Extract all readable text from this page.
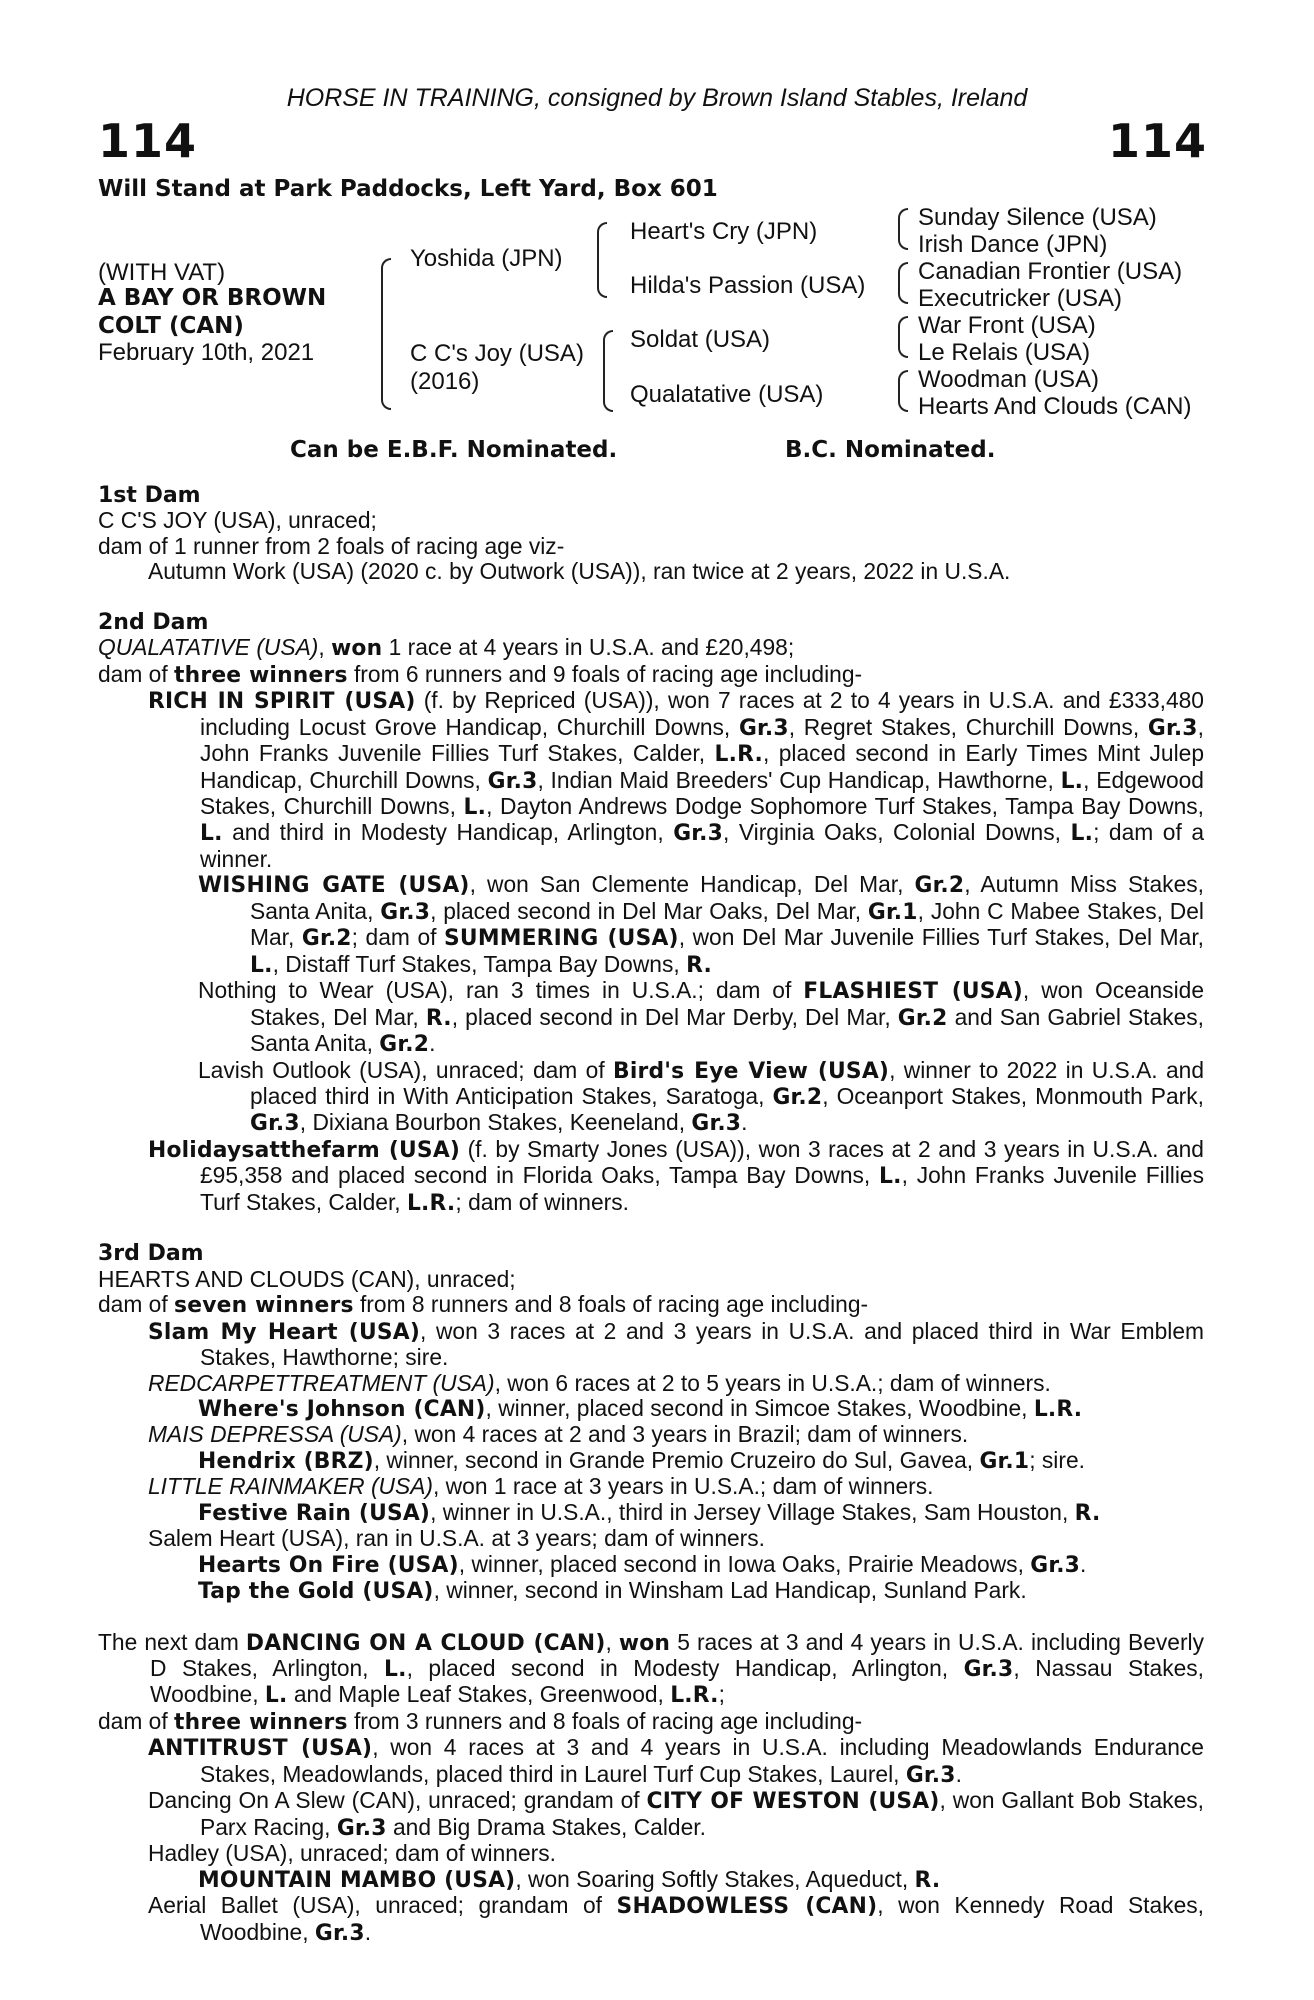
HORSE IN TRAINING, consigned by Brown Island Stables, Ireland
114	114
Will Stand at Park Paddocks, Left Yard, Box 601
(WITH VAT)
A BAY OR BROWN
COLT (CAN)
February 10th, 2021
Yoshida (JPN)
C C's Joy (USA)
(2016)
Heart's Cry (JPN)
Hilda's Passion (USA)
Soldat (USA)
Qualatative (USA)
Sunday Silence (USA)
Irish Dance (JPN)
Canadian Frontier (USA)
Executricker (USA)
War Front (USA)
Le Relais (USA)
Woodman (USA)
Hearts And Clouds (CAN)
Can be E.B.F. Nominated.	B.C. Nominated.

1st Dam

C C'S JOY (USA), unraced;

dam of 1 runner from 2 foals of racing age viz-

Autumn Work (USA) (2020 c. by Outwork (USA)), ran twice at 2 years, 2022 in U.S.A.

2nd Dam

QUALATATIVE (USA), won 1 race at 4 years in U.S.A. and £20,498;

dam of three winners from 6 runners and 9 foals of racing age including-

RICH IN SPIRIT (USA) (f. by Repriced (USA)), won 7 races at 2 to 4 years in U.S.A. and £333,480 including Locust Grove Handicap, Churchill Downs, Gr.3, Regret Stakes, Churchill Downs, Gr.3, John Franks Juvenile Fillies Turf Stakes, Calder, L.R., placed second in Early Times Mint Julep Handicap, Churchill Downs, Gr.3, Indian Maid Breeders' Cup Handicap, Hawthorne, L., Edgewood Stakes, Churchill Downs, L., Dayton Andrews Dodge Sophomore Turf Stakes, Tampa Bay Downs, L. and third in Modesty Handicap, Arlington, Gr.3, Virginia Oaks, Colonial Downs, L.; dam of a winner.

WISHING GATE (USA), won San Clemente Handicap, Del Mar, Gr.2, Autumn Miss Stakes, Santa Anita, Gr.3, placed second in Del Mar Oaks, Del Mar, Gr.1, John C Mabee Stakes, Del Mar, Gr.2; dam of SUMMERING (USA), won Del Mar Juvenile Fillies Turf Stakes, Del Mar, L., Distaff Turf Stakes, Tampa Bay Downs, R.

Nothing to Wear (USA), ran 3 times in U.S.A.; dam of FLASHIEST (USA), won Oceanside Stakes, Del Mar, R., placed second in Del Mar Derby, Del Mar, Gr.2 and San Gabriel Stakes, Santa Anita, Gr.2.

Lavish Outlook (USA), unraced; dam of Bird's Eye View (USA), winner to 2022 in U.S.A. and placed third in With Anticipation Stakes, Saratoga, Gr.2, Oceanport Stakes, Monmouth Park, Gr.3, Dixiana Bourbon Stakes, Keeneland, Gr.3.

Holidaysatthefarm (USA) (f. by Smarty Jones (USA)), won 3 races at 2 and 3 years in U.S.A. and £95,358 and placed second in Florida Oaks, Tampa Bay Downs, L., John Franks Juvenile Fillies Turf Stakes, Calder, L.R.; dam of winners.

3rd Dam

HEARTS AND CLOUDS (CAN), unraced;

dam of seven winners from 8 runners and 8 foals of racing age including-

Slam My Heart (USA), won 3 races at 2 and 3 years in U.S.A. and placed third in War Emblem Stakes, Hawthorne; sire.

REDCARPETTREATMENT (USA), won 6 races at 2 to 5 years in U.S.A.; dam of winners.

Where's Johnson (CAN), winner, placed second in Simcoe Stakes, Woodbine, L.R.

MAIS DEPRESSA (USA), won 4 races at 2 and 3 years in Brazil; dam of winners.

Hendrix (BRZ), winner, second in Grande Premio Cruzeiro do Sul, Gavea, Gr.1; sire.

LITTLE RAINMAKER (USA), won 1 race at 3 years in U.S.A.; dam of winners.

Festive Rain (USA), winner in U.S.A., third in Jersey Village Stakes, Sam Houston, R.

Salem Heart (USA), ran in U.S.A. at 3 years; dam of winners.

Hearts On Fire (USA), winner, placed second in Iowa Oaks, Prairie Meadows, Gr.3.

Tap the Gold (USA), winner, second in Winsham Lad Handicap, Sunland Park.

The next dam DANCING ON A CLOUD (CAN), won 5 races at 3 and 4 years in U.S.A. including Beverly D Stakes, Arlington, L., placed second in Modesty Handicap, Arlington, Gr.3, Nassau Stakes, Woodbine, L. and Maple Leaf Stakes, Greenwood, L.R.;

dam of three winners from 3 runners and 8 foals of racing age including-

ANTITRUST (USA), won 4 races at 3 and 4 years in U.S.A. including Meadowlands Endurance Stakes, Meadowlands, placed third in Laurel Turf Cup Stakes, Laurel, Gr.3.

Dancing On A Slew (CAN), unraced; grandam of CITY OF WESTON (USA), won Gallant Bob Stakes, Parx Racing, Gr.3 and Big Drama Stakes, Calder.

Hadley (USA), unraced; dam of winners.

MOUNTAIN MAMBO (USA), won Soaring Softly Stakes, Aqueduct, R.

Aerial Ballet (USA), unraced; grandam of SHADOWLESS (CAN), won Kennedy Road Stakes, Woodbine, Gr.3.
